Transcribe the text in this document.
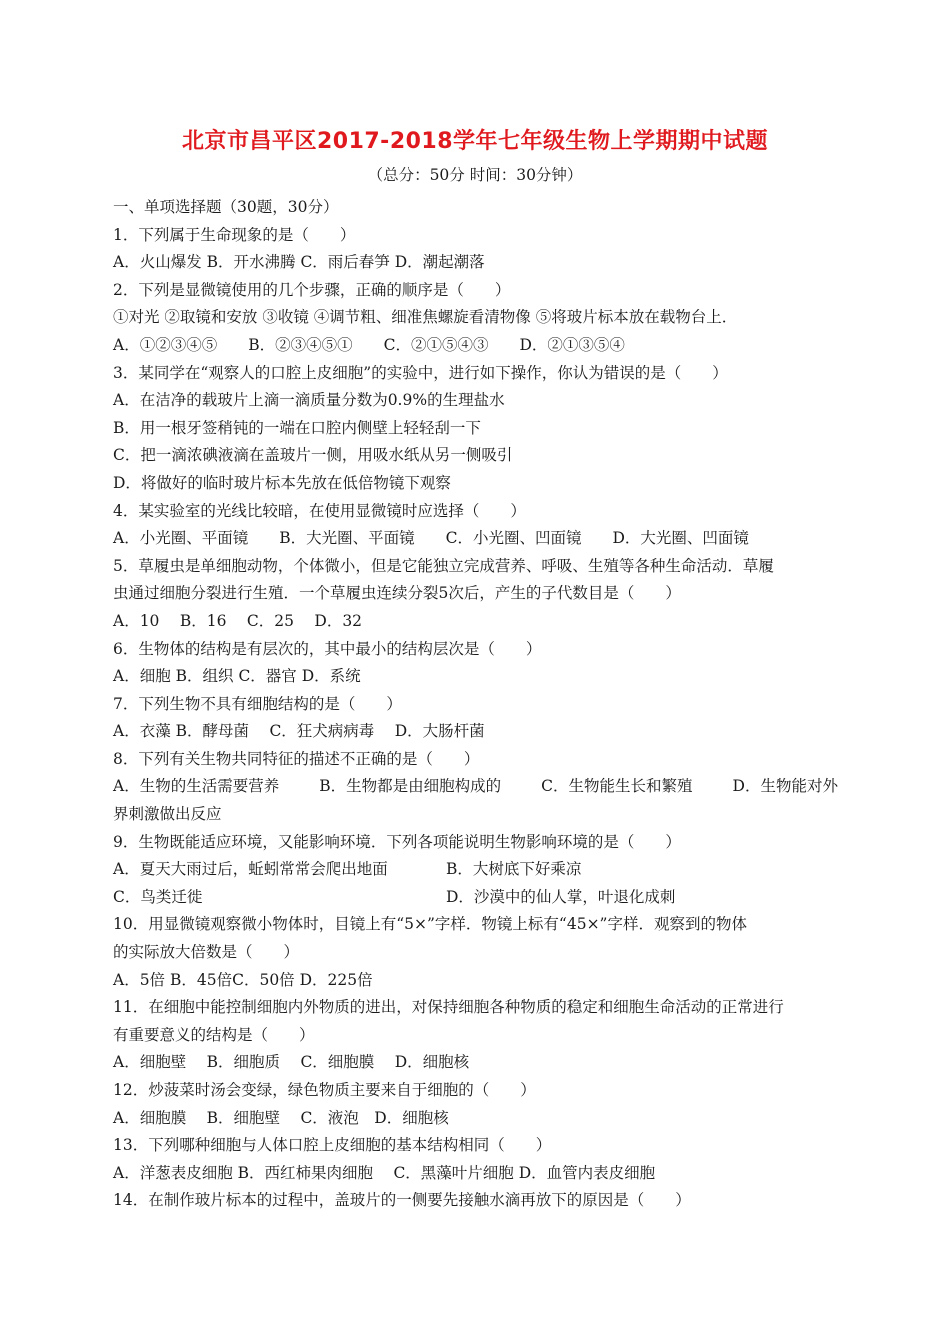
北京市昌平区2017-2018学年七年级生物上学期期中试题
（总分：50分 时间：30分钟）
一、单项选择题（30题，30分）
1．下列属于生命现象的是（　　）
A．火山爆发 B．开水沸腾 C．雨后春笋 D．潮起潮落
2．下列是显微镜使用的几个步骤，正确的顺序是（　　）
①对光 ②取镜和安放 ③收镜 ④调节粗、细准焦螺旋看清物像 ⑤将玻片标本放在载物台上．
A．①②③④⑤　　B．②③④⑤①　　C．②①⑤④③　　D．②①③⑤④
3．某同学在“观察人的口腔上皮细胞”的实验中，进行如下操作，你认为错误的是（　　）
A．在洁净的载玻片上滴一滴质量分数为0.9%的生理盐水
B．用一根牙签稍钝的一端在口腔内侧壁上轻轻刮一下
C．把一滴浓碘液滴在盖玻片一侧，用吸水纸从另一侧吸引
D．将做好的临时玻片标本先放在低倍物镜下观察
4．某实验室的光线比较暗，在使用显微镜时应选择（　　）
A．小光圈、平面镜　　B．大光圈、平面镜　　C．小光圈、凹面镜　　D．大光圈、凹面镜
5．草履虫是单细胞动物，个体微小，但是它能独立完成营养、呼吸、生殖等各种生命活动．草履
虫通过细胞分裂进行生殖．一个草履虫连续分裂5次后，产生的子代数目是（　　）
A．10　 B．16　 C．25　 D．32
6．生物体的结构是有层次的，其中最小的结构层次是（　　）
A．细胞 B．组织 C．器官 D．系统
7．下列生物不具有细胞结构的是（　　）
A．衣藻 B．酵母菌　 C．狂犬病病毒　 D．大肠杆菌
8．下列有关生物共同特征的描述不正确的是（　　）
A．生物的生活需要营养	B．生物都是由细胞构成的	C．生物能生长和繁殖	D．生物能对外
界刺激做出反应
9．生物既能适应环境，又能影响环境．下列各项能说明生物影响环境的是（　　）
A．夏天大雨过后，蚯蚓常常会爬出地面	B．大树底下好乘凉
C．鸟类迁徙	D．沙漠中的仙人掌，叶退化成刺
10．用显微镜观察微小物体时，目镜上有“5×”字样．物镜上标有“45×”字样．观察到的物体
的实际放大倍数是（　　）
A．5倍 B．45倍C．50倍 D．225倍
11．在细胞中能控制细胞内外物质的进出，对保持细胞各种物质的稳定和细胞生命活动的正常进行
有重要意义的结构是（　　）
A．细胞壁　 B．细胞质　 C．细胞膜　 D．细胞核
12．炒菠菜时汤会变绿，绿色物质主要来自于细胞的（　　）
A．细胞膜　 B．细胞壁　 C．液泡　D．细胞核
13．下列哪种细胞与人体口腔上皮细胞的基本结构相同（　　）
A．洋葱表皮细胞 B．西红柿果肉细胞　 C．黑藻叶片细胞 D．血管内表皮细胞
14．在制作玻片标本的过程中，盖玻片的一侧要先接触水滴再放下的原因是（　　）
